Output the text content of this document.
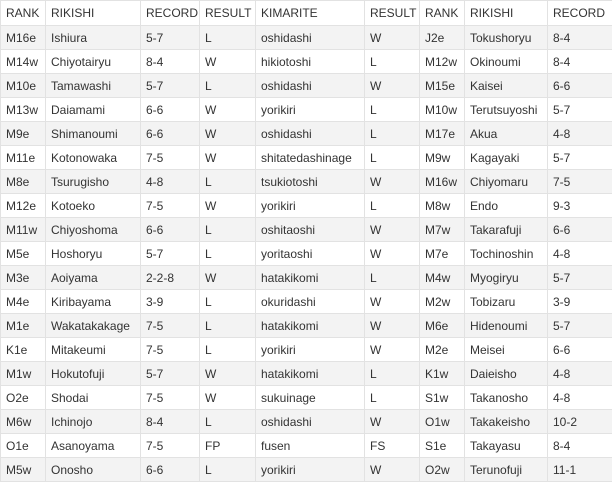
RANK	RIKISHI	RECORD	RESULT	KIMARITE	RESULT	RANK	RIKISHI	RECORD
M16e	Ishiura	5-7	L	oshidashi	W	J2e	Tokushoryu	8-4
M14w	Chiyotairyu	8-4	W	hikiotoshi	L	M12w	Okinoumi	8-4
M10e	Tamawashi	5-7	L	oshidashi	W	M15e	Kaisei	6-6
M13w	Daiamami	6-6	W	yorikiri	L	M10w	Terutsuyoshi	5-7
M9e	Shimanoumi	6-6	W	oshidashi	L	M17e	Akua	4-8
M11e	Kotonowaka	7-5	W	shitatedashinage	L	M9w	Kagayaki	5-7
M8e	Tsurugisho	4-8	L	tsukiotoshi	W	M16w	Chiyomaru	7-5
M12e	Kotoeko	7-5	W	yorikiri	L	M8w	Endo	9-3
M11w	Chiyoshoma	6-6	L	oshitaoshi	W	M7w	Takarafuji	6-6
M5e	Hoshoryu	5-7	L	yoritaoshi	W	M7e	Tochinoshin	4-8
M3e	Aoiyama	2-2-8	W	hatakikomi	L	M4w	Myogiryu	5-7
M4e	Kiribayama	3-9	L	okuridashi	W	M2w	Tobizaru	3-9
M1e	Wakatakakage	7-5	L	hatakikomi	W	M6e	Hidenoumi	5-7
K1e	Mitakeumi	7-5	L	yorikiri	W	M2e	Meisei	6-6
M1w	Hokutofuji	5-7	W	hatakikomi	L	K1w	Daieisho	4-8
O2e	Shodai	7-5	W	sukuinage	L	S1w	Takanosho	4-8
M6w	Ichinojo	8-4	L	oshidashi	W	O1w	Takakeisho	10-2
O1e	Asanoyama	7-5	FP	fusen	FS	S1e	Takayasu	8-4
M5w	Onosho	6-6	L	yorikiri	W	O2w	Terunofuji	11-1
